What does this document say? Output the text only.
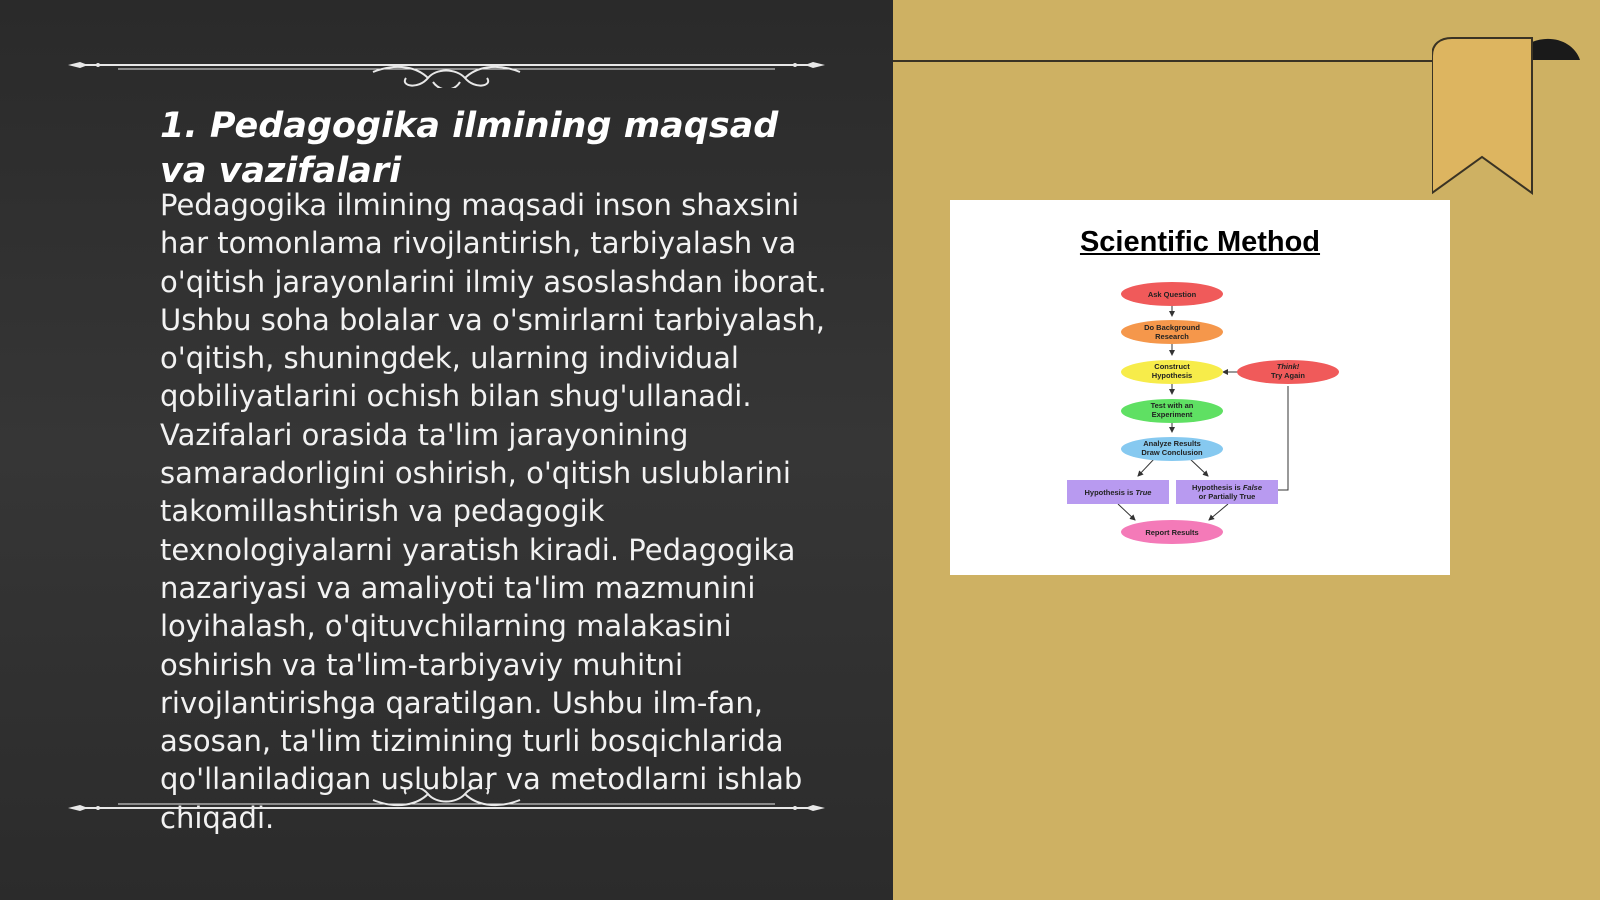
1. Pedagogika ilmining maqsad va vazifalari

Pedagogika ilmining maqsadi inson shaxsini har tomonlama rivojlantirish, tarbiyalash va o'qitish jarayonlarini ilmiy asoslashdan iborat. Ushbu soha bolalar va o'smirlarni tarbiyalash, o'qitish, shuningdek, ularning individual qobiliyatlarini ochish bilan shug'ullanadi. Vazifalari orasida ta'lim jarayonining samaradorligini oshirish, o'qitish uslublarini takomillashtirish va pedagogik texnologiyalarni yaratish kiradi. Pedagogika nazariyasi va amaliyoti ta'lim mazmunini loyihalash, o'qituvchilarning malakasini oshirish va ta'lim-tarbiyaviy muhitni rivojlantirishga qaratilgan. Ushbu ilm-fan, asosan, ta'lim tizimining turli bosqichlarida qo'llaniladigan uslublar va metodlarni ishlab chiqadi.

Scientific Method
Ask Question
Do Background
Research
Construct
Hypothesis
Think!
Try Again
Test with an
Experiment
Analyze Results
Draw Conclusion
Hypothesis is True
Hypothesis is False
or Partially True
Report Results
